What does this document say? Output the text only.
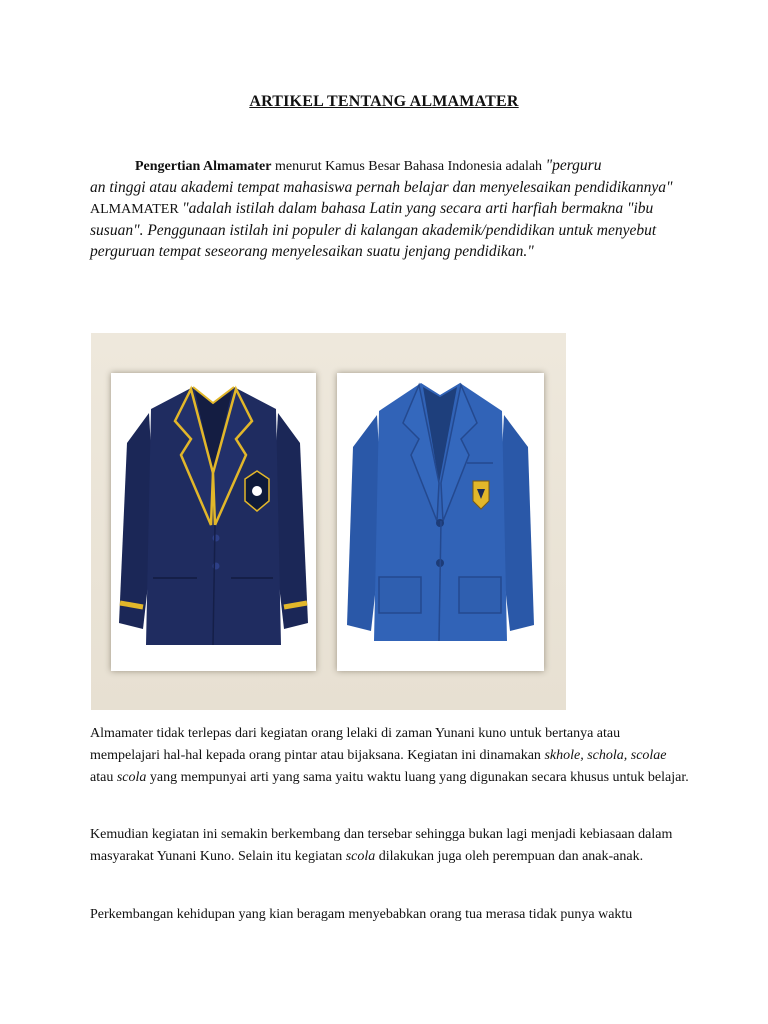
ARTIKEL TENTANG ALMAMATER
Pengertian Almamater menurut Kamus Besar Bahasa Indonesia adalah "perguru
an tinggi atau akademi tempat mahasiswa pernah belajar dan menyelesaikan pendidikannya"
ALMAMATER "adalah istilah dalam bahasa Latin yang secara arti harfiah bermakna "ibu susuan". Penggunaan istilah ini populer di kalangan akademik/pendidikan untuk menyebut perguruan tempat seseorang menyelesaikan suatu jenjang pendidikan."
Almamater tidak terlepas dari kegiatan orang lelaki di zaman Yunani kuno untuk bertanya atau mempelajari hal-hal kepada orang pintar atau bijaksana. Kegiatan ini dinamakan skhole, schola, scolae atau scola yang mempunyai arti yang sama yaitu waktu luang yang digunakan secara khusus untuk belajar.
Kemudian kegiatan ini semakin berkembang dan tersebar sehingga bukan lagi menjadi kebiasaan dalam masyarakat Yunani Kuno. Selain itu kegiatan scola dilakukan juga oleh perempuan dan anak-anak.
Perkembangan kehidupan yang kian beragam menyebabkan orang tua merasa tidak punya waktu
